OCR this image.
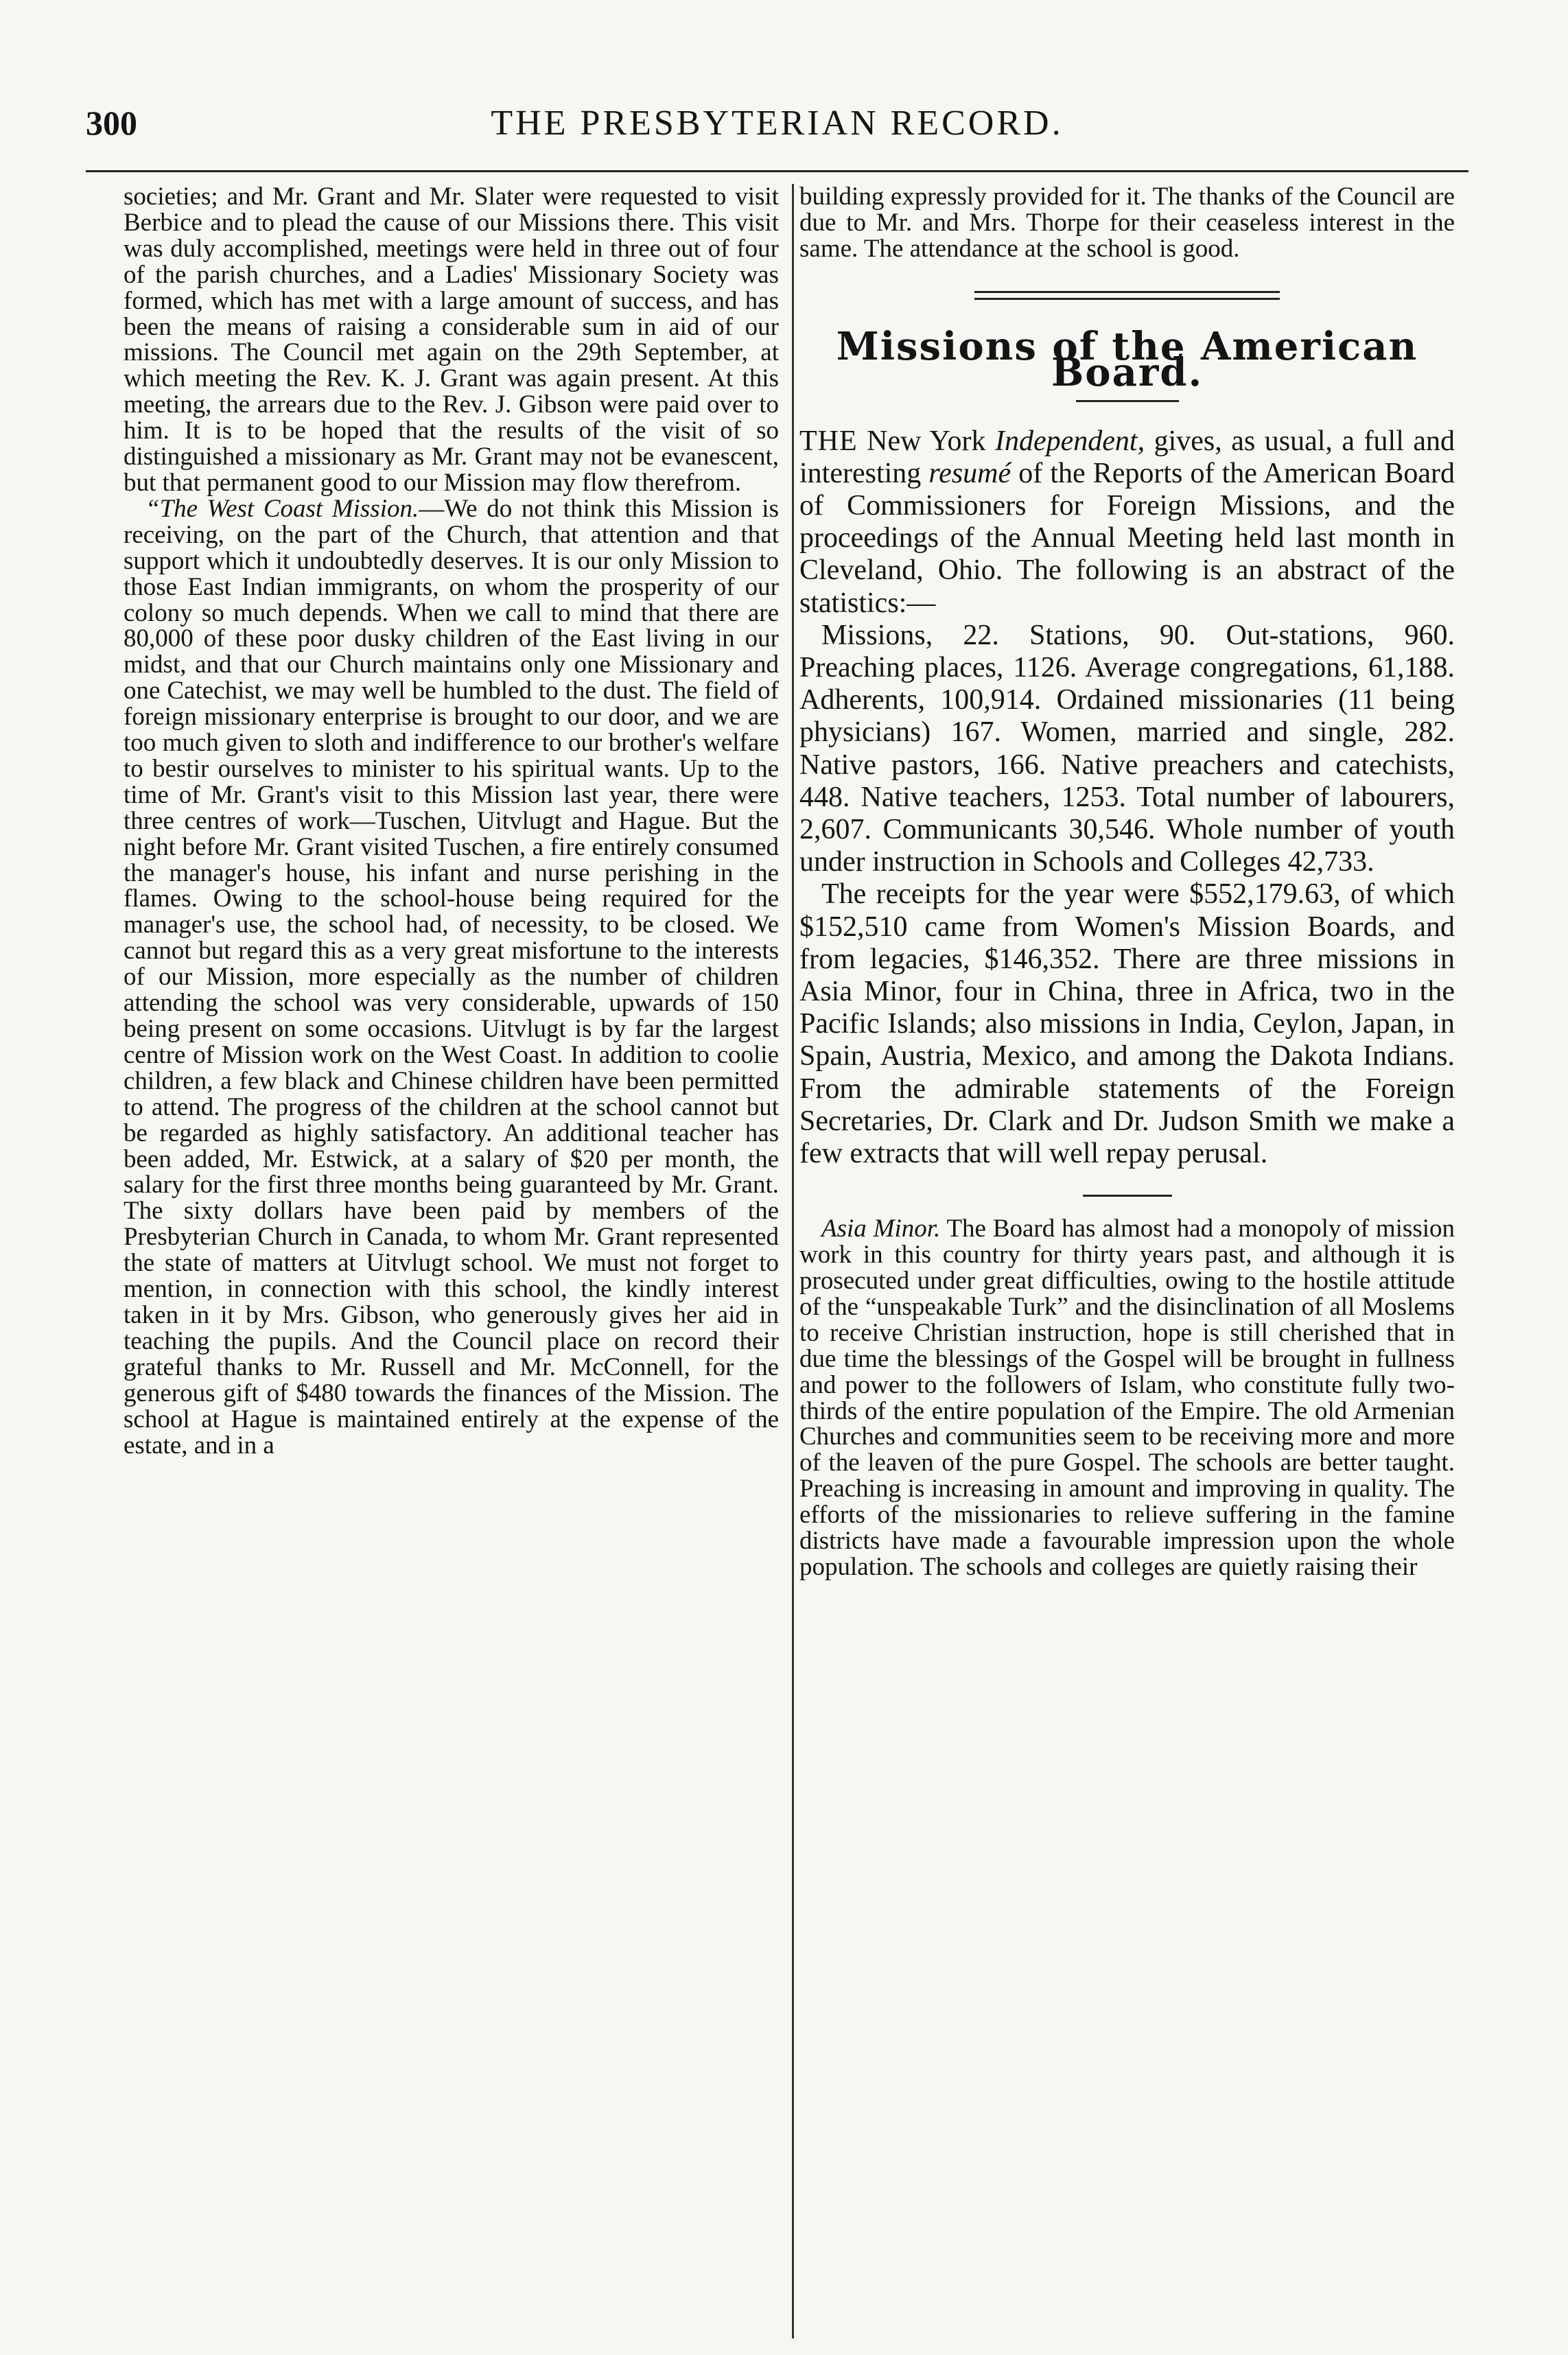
300	THE PRESBYTERIAN RECORD.

societies; and Mr. Grant and Mr. Slater were requested to visit Berbice and to plead the cause of our Missions there. This visit was duly accomplished, meetings were held in three out of four of the parish churches, and a Ladies' Missionary Society was formed, which has met with a large amount of success, and has been the means of raising a considerable sum in aid of our missions. The Council met again on the 29th September, at which meeting the Rev. K. J. Grant was again present. At this meeting, the arrears due to the Rev. J. Gibson were paid over to him. It is to be hoped that the results of the visit of so distinguished a missionary as Mr. Grant may not be evanescent, but that permanent good to our Mission may flow therefrom.

“The West Coast Mission.—We do not think this Mission is receiving, on the part of the Church, that attention and that support which it undoubtedly deserves. It is our only Mission to those East Indian immigrants, on whom the prosperity of our colony so much depends. When we call to mind that there are 80,000 of these poor dusky children of the East living in our midst, and that our Church maintains only one Missionary and one Catechist, we may well be humbled to the dust. The field of foreign missionary enterprise is brought to our door, and we are too much given to sloth and indifference to our brother's welfare to bestir ourselves to minister to his spiritual wants. Up to the time of Mr. Grant's visit to this Mission last year, there were three centres of work—Tuschen, Uitvlugt and Hague. But the night before Mr. Grant visited Tuschen, a fire entirely consumed the manager's house, his infant and nurse perishing in the flames. Owing to the school-house being required for the manager's use, the school had, of necessity, to be closed. We cannot but regard this as a very great misfortune to the interests of our Mission, more especially as the number of children attending the school was very considerable, upwards of 150 being present on some occasions. Uitvlugt is by far the largest centre of Mission work on the West Coast. In addition to coolie children, a few black and Chinese children have been permitted to attend. The progress of the children at the school cannot but be regarded as highly satisfactory. An additional teacher has been added, Mr. Estwick, at a salary of $20 per month, the salary for the first three months being guaranteed by Mr. Grant. The sixty dollars have been paid by members of the Presbyterian Church in Canada, to whom Mr. Grant represented the state of matters at Uitvlugt school. We must not forget to mention, in connection with this school, the kindly interest taken in it by Mrs. Gibson, who generously gives her aid in teaching the pupils. And the Council place on record their grateful thanks to Mr. Russell and Mr. McConnell, for the generous gift of $480 towards the finances of the Mission. The school at Hague is maintained entirely at the expense of the estate, and in a

building expressly provided for it. The thanks of the Council are due to Mr. and Mrs. Thorpe for their ceaseless interest in the same. The attendance at the school is good.

Missions of the American Board.

THE New York Independent, gives, as usual, a full and interesting resumé of the Reports of the American Board of Commissioners for Foreign Missions, and the proceedings of the Annual Meeting held last month in Cleveland, Ohio. The following is an abstract of the statistics:—

Missions, 22. Stations, 90. Out-stations, 960. Preaching places, 1126. Average congregations, 61,188. Adherents, 100,914. Ordained missionaries (11 being physicians) 167. Women, married and single, 282. Native pastors, 166. Native preachers and catechists, 448. Native teachers, 1253. Total number of labourers, 2,607. Communicants 30,546. Whole number of youth under instruction in Schools and Colleges 42,733.

The receipts for the year were $552,179.63, of which $152,510 came from Women's Mission Boards, and from legacies, $146,352. There are three missions in Asia Minor, four in China, three in Africa, two in the Pacific Islands; also missions in India, Ceylon, Japan, in Spain, Austria, Mexico, and among the Dakota Indians. From the admirable statements of the Foreign Secretaries, Dr. Clark and Dr. Judson Smith we make a few extracts that will well repay perusal.

Asia Minor. The Board has almost had a monopoly of mission work in this country for thirty years past, and although it is prosecuted under great difficulties, owing to the hostile attitude of the “unspeakable Turk” and the disinclination of all Moslems to receive Christian instruction, hope is still cherished that in due time the blessings of the Gospel will be brought in fullness and power to the followers of Islam, who constitute fully two-thirds of the entire population of the Empire. The old Armenian Churches and communities seem to be receiving more and more of the leaven of the pure Gospel. The schools are better taught. Preaching is increasing in amount and improving in quality. The efforts of the missionaries to relieve suffering in the famine districts have made a favourable impression upon the whole population. The schools and colleges are quietly raising their
